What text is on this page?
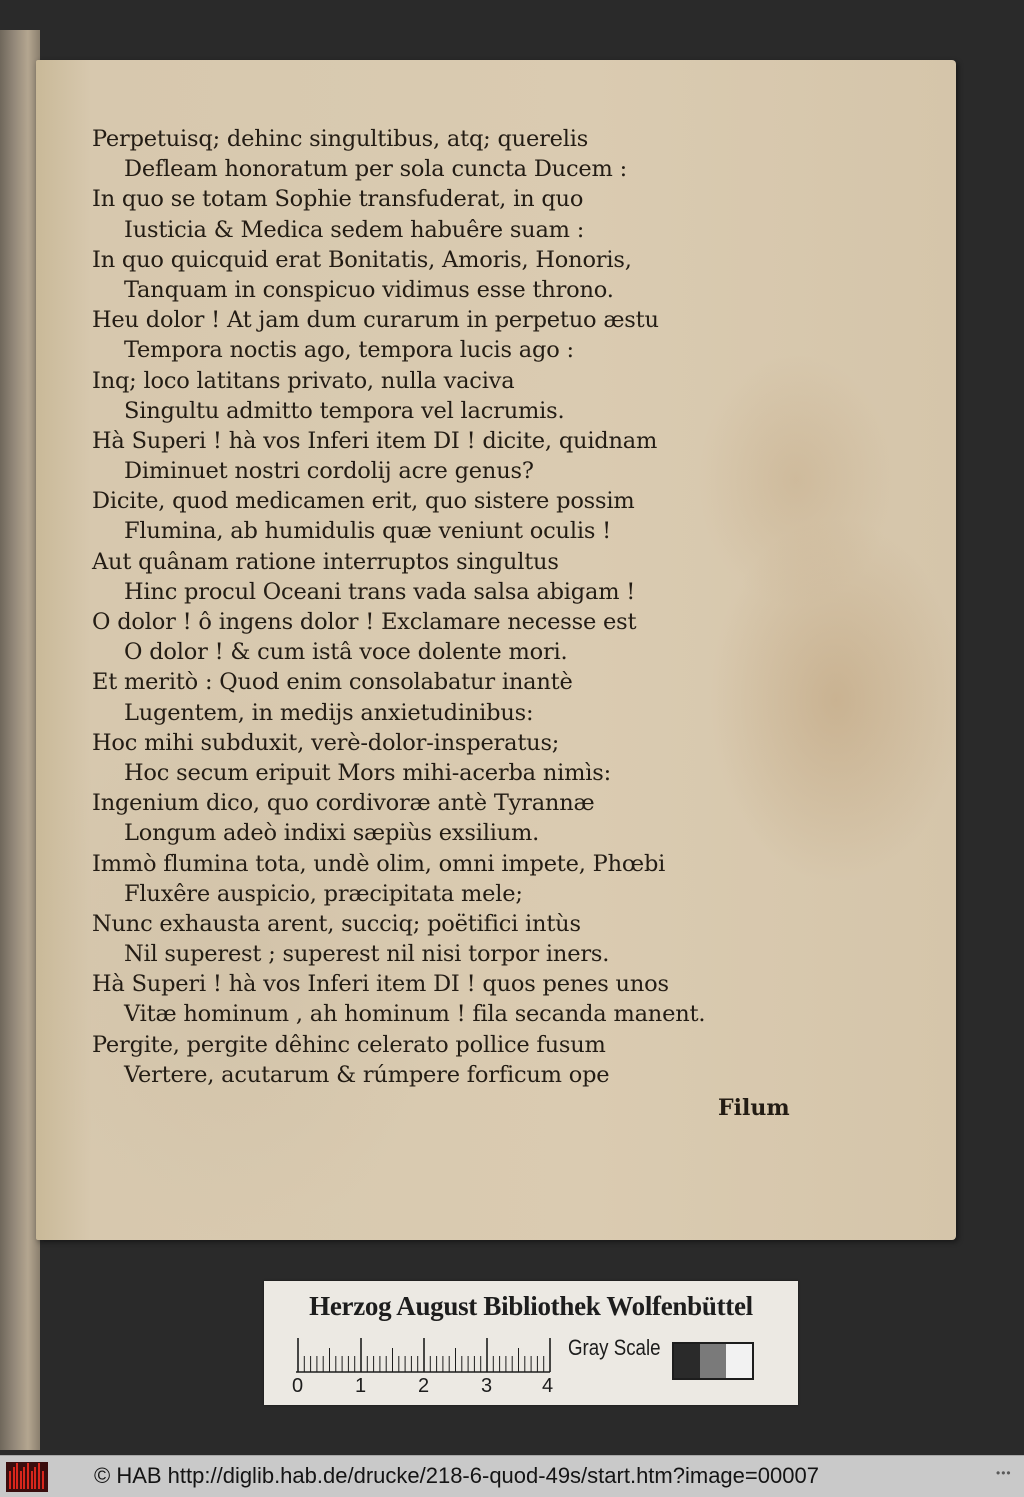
Perpetuisq; dehinc singultibus, atq; querelis
Defleam honoratum per sola cuncta Ducem :
In quo se totam Sophie transfuderat, in quo
Iusticia & Medica sedem habuêre suam :
In quo quicquid erat Bonitatis, Amoris, Honoris,
Tanquam in conspicuo vidimus esse throno.
Heu dolor ! At jam dum curarum in perpetuo æstu
Tempora noctis ago, tempora lucis ago :
Inq; loco latitans privato, nulla vaciva
Singultu admitto tempora vel lacrumis.
Hà Superi ! hà vos Inferi item DI ! dicite, quidnam
Diminuet nostri cordolij acre genus?
Dicite, quod medicamen erit, quo sistere possim
Flumina, ab humidulis quæ veniunt oculis !
Aut quânam ratione interruptos singultus
Hinc procul Oceani trans vada salsa abigam !
O dolor ! ô ingens dolor ! Exclamare necesse est
O dolor ! & cum istâ voce dolente mori.
Et meritò : Quod enim consolabatur inantè
Lugentem, in medijs anxietudinibus:
Hoc mihi subduxit, verè-dolor-insperatus;
Hoc secum eripuit Mors mihi-acerba nimìs:
Ingenium dico, quo cordivoræ antè Tyrannæ
Longum adeò indixi sæpiùs exsilium.
Immò flumina tota, undè olim, omni impete, Phœbi
Fluxêre auspicio, præcipitata mele;
Nunc exhausta arent, succiq; poëtifici intùs
Nil superest ; superest nil nisi torpor iners.
Hà Superi ! hà vos Inferi item DI ! quos penes unos
Vitæ hominum , ah hominum ! fila secanda manent.
Pergite, pergite dêhinc celerato pollice fusum
Vertere, acutarum & rúmpere forficum ope
Filum
Herzog August Bibliothek Wolfenbüttel
0	1	2	3 4
Gray Scale
© HAB http://diglib.hab.de/drucke/218-6-quod-49s/start.htm?image=00007	•••
